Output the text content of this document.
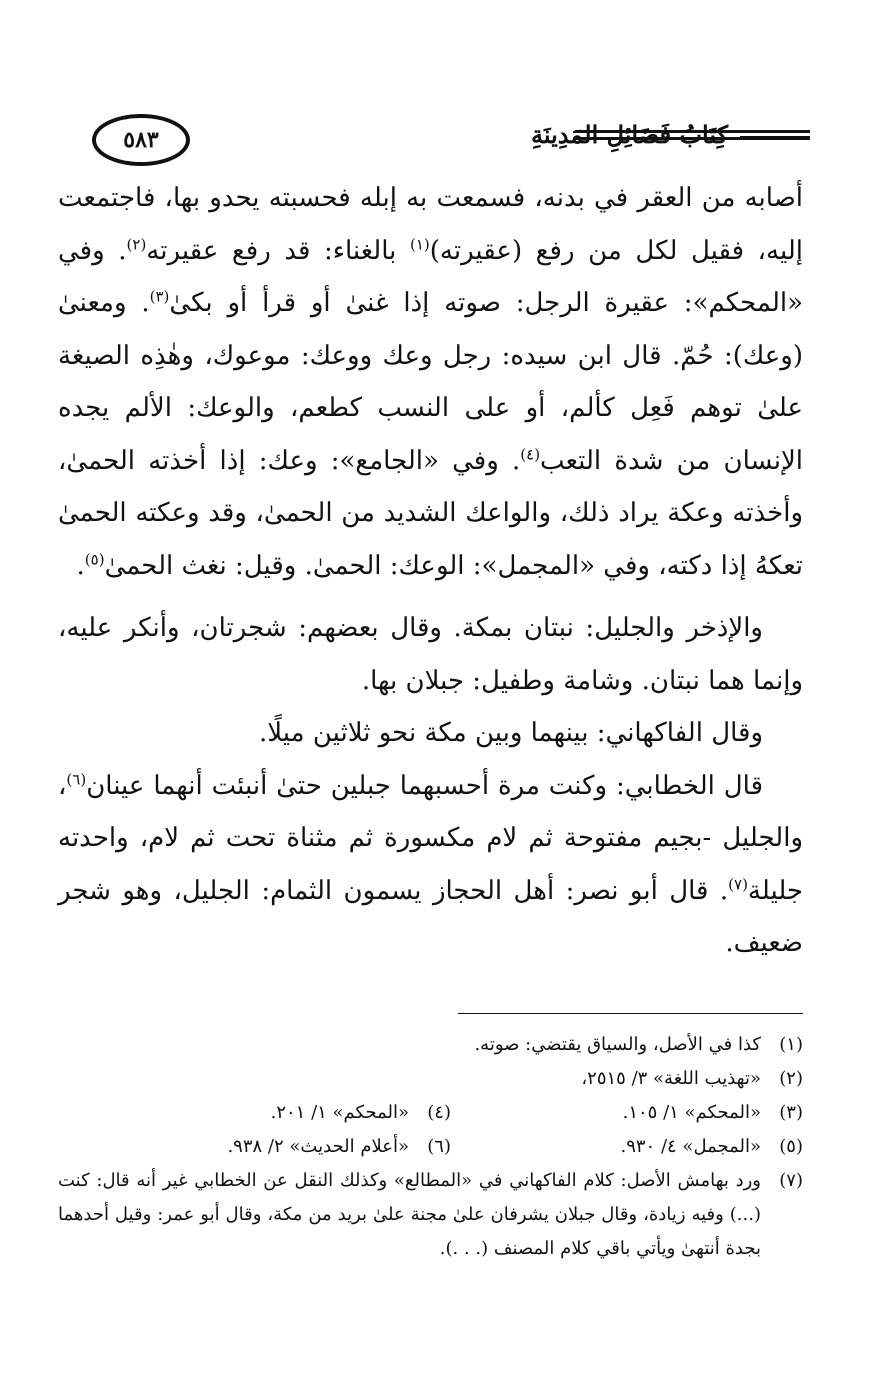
٥٨٣	كِتَابُ فَضَائِلِ المَدِينَةِ

أصابه من العقر في بدنه، فسمعت به إبله فحسبته يحدو بها، فاجتمعت إليه، فقيل لكل من رفع (عقيرته)$^{(١)}$ بالغناء: قد رفع عقيرته$^{(٢)}$. وفي «المحكم»: عقيرة الرجل: صوته إذا غنىٰ أو قرأ أو بكىٰ$^{(٣)}$. ومعنىٰ (وعك): حُمّ. قال ابن سيده: رجل وعك ووعك: موعوك، وهٰذِه الصيغة علىٰ توهم فَعِل كألم، أو على النسب كطعم، والوعك: الألم يجده الإنسان من شدة التعب$^{(٤)}$. وفي «الجامع»: وعك: إذا أخذته الحمىٰ، وأخذته وعكة يراد ذلك، والواعك الشديد من الحمىٰ، وقد وعكته الحمىٰ تعكهُ إذا دكته، وفي «المجمل»: الوعك: الحمىٰ. وقيل: نغث الحمىٰ$^{(٥)}$.

والإذخر والجليل: نبتان بمكة. وقال بعضهم: شجرتان، وأنكر عليه، وإنما هما نبتان. وشامة وطفيل: جبلان بها.

وقال الفاكهاني: بينهما وبين مكة نحو ثلاثين ميلًا.

قال الخطابي: وكنت مرة أحسبهما جبلين حتىٰ أنبئت أنهما عينان$^{(٦)}$، والجليل -بجيم مفتوحة ثم لام مكسورة ثم مثناة تحت ثم لام، واحدته جليلة$^{(٧)}$. قال أبو نصر: أهل الحجاز يسمون الثمام: الجليل، وهو شجر ضعيف.

(١)
كذا في الأصل، والسياق يقتضي: صوته.
(٢)
«تهذيب اللغة» ٣/ ٢٥١٥،
(٣)
«المحكم» ١/ ١٠٥.
(٤)
«المحكم» ١/ ٢٠١.
(٥)
«المجمل» ٤/ ٩٣٠.
(٦)
«أعلام الحديث» ٢/ ٩٣٨.
(٧)
ورد بهامش الأصل: كلام الفاكهاني في «المطالع» وكذلك النقل عن الخطابي غير أنه قال: كنت (...) وفيه زيادة، وقال جبلان يشرفان علىٰ مجنة علىٰ بريد من مكة، وقال أبو عمر: وقيل أحدهما بجدة أنتهىٰ ويأتي باقي كلام المصنف (. . .).
